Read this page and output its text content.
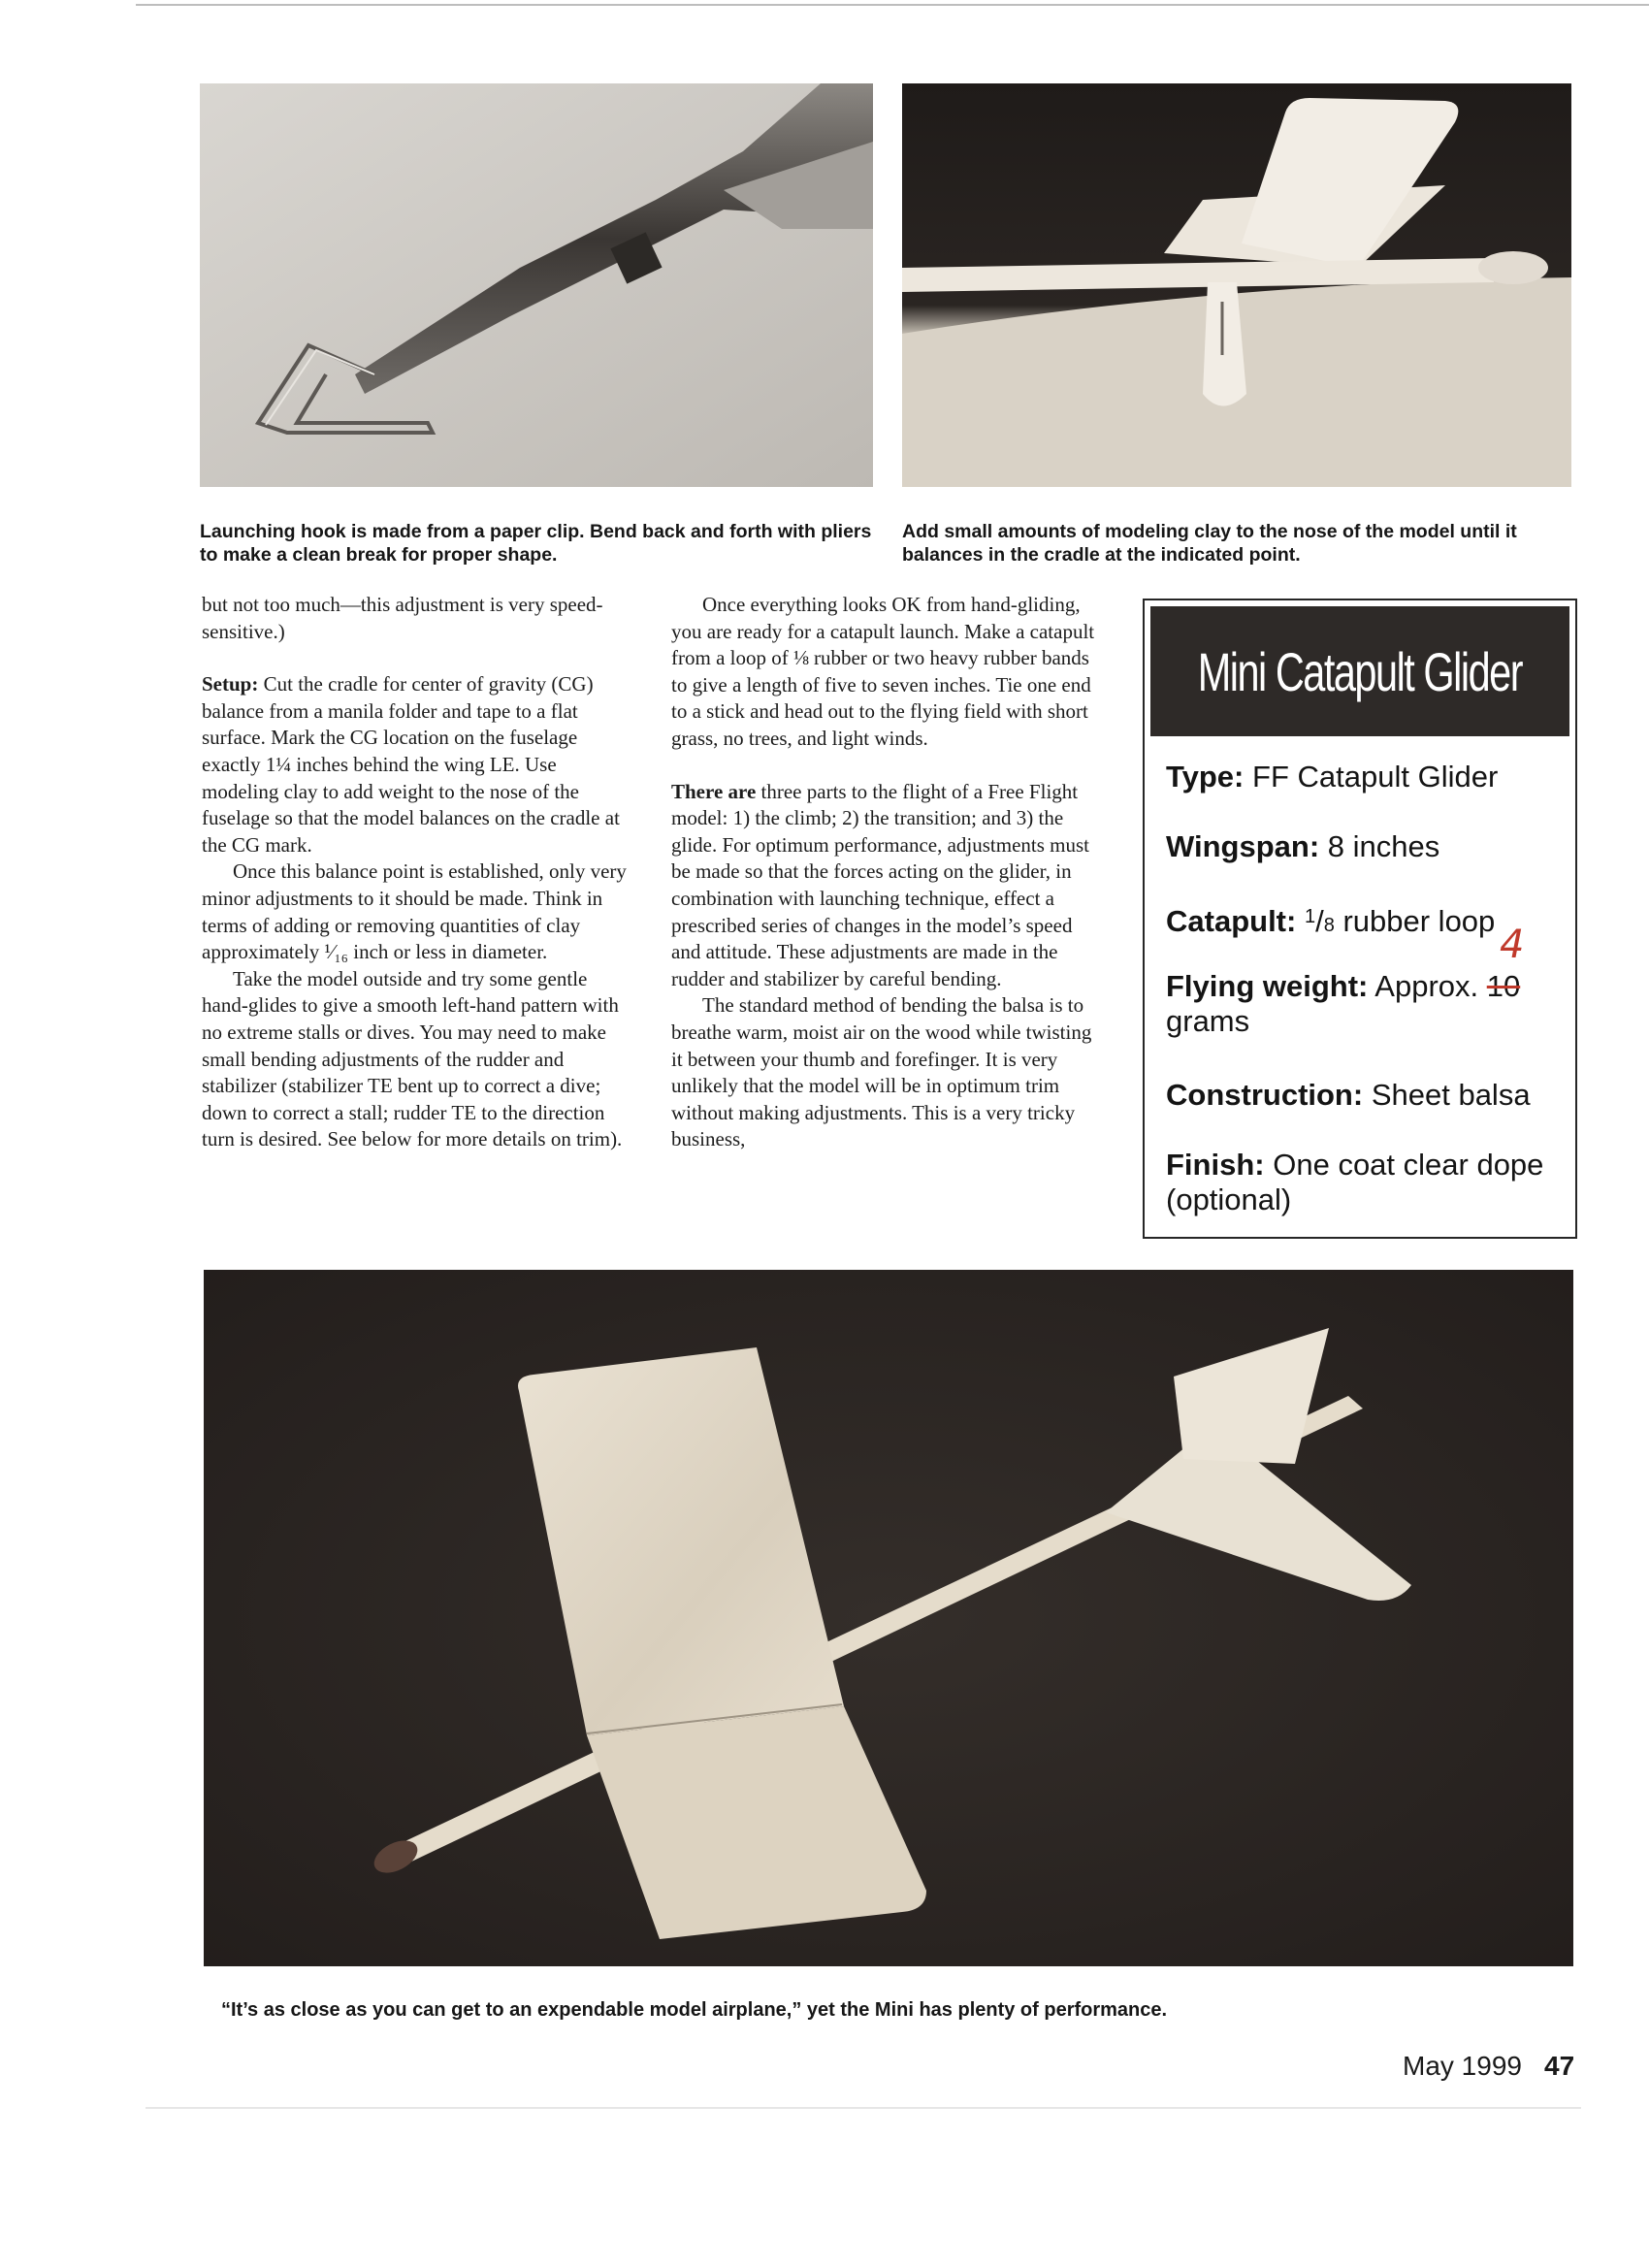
Launching hook is made from a paper clip. Bend back and forth with pliers to make a clean break for proper shape.
Add small amounts of modeling clay to the nose of the model until it balances in the cradle at the indicated point.

but not too much—this adjustment is very speed-sensitive.)

Setup: Cut the cradle for center of gravity (CG) balance from a manila folder and tape to a flat surface. Mark the CG location on the fuselage exactly 1¼ inches behind the wing LE. Use modeling clay to add weight to the nose of the fuselage so that the model balances on the cradle at the CG mark.

Once this balance point is established, only very minor adjustments to it should be made. Think in terms of adding or removing quantities of clay approximately ¹⁄₁₆ inch or less in diameter.

Take the model outside and try some gentle hand-glides to give a smooth left-hand pattern with no extreme stalls or dives. You may need to make small bending adjustments of the rudder and stabilizer (stabilizer TE bent up to correct a dive; down to correct a stall; rudder TE to the direction turn is desired. See below for more details on trim).

Once everything looks OK from hand-gliding, you are ready for a catapult launch. Make a catapult from a loop of ⅛ rubber or two heavy rubber bands to give a length of five to seven inches. Tie one end to a stick and head out to the flying field with short grass, no trees, and light winds.

There are three parts to the flight of a Free Flight model: 1) the climb; 2) the transition; and 3) the glide. For optimum performance, adjustments must be made so that the forces acting on the glider, in combination with launching technique, effect a prescribed series of changes in the model’s speed and attitude. These adjustments are made in the rudder and stabilizer by careful bending.

The standard method of bending the balsa is to breathe warm, moist air on the wood while twisting it between your thumb and forefinger. It is very unlikely that the model will be in optimum trim without making adjustments. This is a very tricky business,

Mini Catapult Glider
Type: FF Catapult Glider
Wingspan: 8 inches
Catapult: $^1$/8 rubber loop
Flying weight: Approx. 10
grams
4
Construction: Sheet balsa
Finish: One coat clear dope (optional)
“It’s as close as you can get to an expendable model airplane,” yet the Mini has plenty of performance.
May 1999 47
